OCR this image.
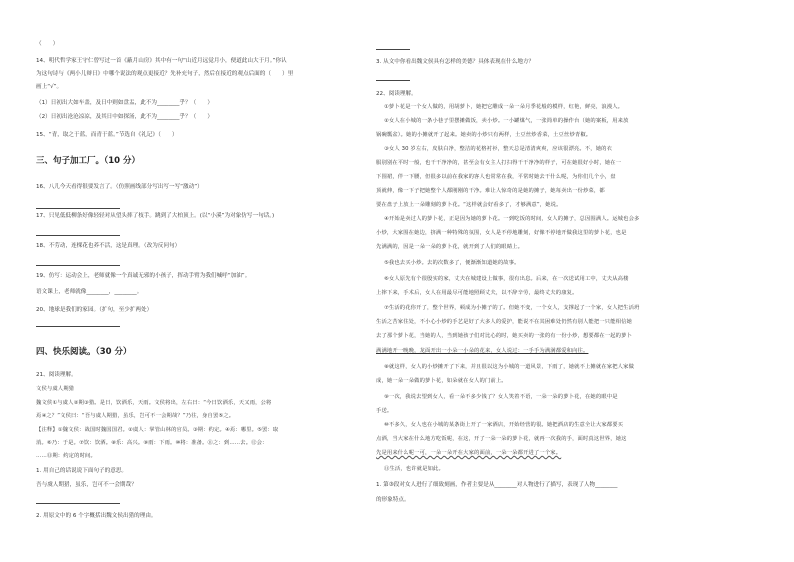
（　　）
14、明代哲学家王守仁曾写过一首《蔽月山房》其中有一句“山近月远觉月小，便道此山大于月。”你认
为这句诗与《两小儿辩日》中哪个说法的观点更接近？先补充句子，然后在接近的观点后面的（　　）里
画上“√”。
（1）日初出大如车盖，及日中则如盘盂，此不为________乎？（　　）
（2）日初出沧沧凉凉，及其日中如探汤，此不为________乎？（　　）
15、“青，取之于蓝，而青于蓝。”节选自《礼记》（　　）
三、句子加工厂。（10 分）
16、八儿今天看得很要发言了。（仿照画线部分写出写一写“激动”）
17、只见低低柳条好像轻轻对从望头摔了枝手。跳到了大柏顶上。(以“小溪”为对象仿写一句话。)
18、不劳动，连棵花也养不活，这是真理。（改为反问句）
19、仿写：运动会上，老师就像一个真诚无邪的小孩子，挥动手臂为我们喊呼“加油”。
语文课上，老师就像________，________。
20、地球是我们的家园。（扩句，至少扩两处）
四、快乐阅读。（30 分）
21、阅读理解。
文侯与虞人期猎
魏文侯①与虞人②期③猎。是日，饮酒乐，天雨。文侯将出，左右曰：“今日饮酒乐，天又雨，公将
焉④之？”文侯曰：“吾与虞人期猎，虽乐，岂可不一会期哉？”乃往，身自罢⑤之。
【注释】①魏文侯：战国时魏国国君。②虞人：掌管山林的官员。③期：约定。④焉：哪里。⑤罢：取
消。⑥乃：于是。⑦饮：饮酒。⑧乐：高兴。⑨雨：下雨。⑩将：准备。⑪之：到……去。⑫会：
……⑬期：约定的时间。
1. 用自己的话说说下面句子的意思。
吾与虞人期猎，虽乐，岂可不一会期哉？
2. 用原文中的 6 个字概括出魏文侯出猎的理由。
3. 从文中你看出魏文侯具有怎样的美德？具体表现在什么地方？
22、阅读理解。
①萝卜花是一个女人做的，用胡萝卜，她把它雕成一朵一朵月季花般的模样，红艳，鲜亮，浪漫人。
②女人在小城的一条小巷子里摆摊做饭，卖小炒。一小罐煤气，一张简单的操作台（她的案板，用来放
锅碗瓢盆）。她的小摊就开了起来。她卖的小炒只有两样，土豆丝炒香菜，土豆丝炒青椒。
③女人 30 岁左右，皮肤白净，整洁的花格衬衫，整天总是清清爽爽，应该很漂亮。不，她的衣
服别别在平时一般，也干干净净的，甚至会有女主人打扫得干干净净的样子，可在她很好小时，她在一
下围裙，伴一下腰，但很多以前在我家的客人也常常在我，平常时她去干什么呢，为你们几个小，盘
顶就伸，像一下子把她整个人都刚刚的干净。难让人惊奇的是她的摊子，她每卖出一份炒菜，都
要在盘子上放上一朵雕刻的萝卜花。“这样就会好看多了，才够满意”，她说。
④开始是卖过人的萝卜花，正是因为她的萝卜花。一到吃饭的时间，女人的摊子，总因围满人。运城也会多
小炒，大家围在她边，挤满一种特殊的氛围，女人是不停地雕刻，好像不停地开做我这里的萝卜花，也是
先满满的，因是一朵一朵的萝卜花，就开到了人们的眼睛上。
⑤我也去买小炒。去的次数多了，便渐渐知道她的故事。
⑥女人原先有个很殷实的家，丈夫在城建设上做事，很有出息。后来，在一次送试用工中，丈夫从高楼
上摔下来，手术后，女人在用最尽可能地照顾丈夫，以不辞辛劳，最终丈夫的康复。
⑦生活的花你开了，整个世界，顿成为小摊子的了。但她不变，一个女人，支撑起了一个家，女人把生活坍
生活之苦家住处，不小心小炒的手艺是好了大多人的爱护，能说不在其困难处仍然有别人能把一只能相信她
去了那个萝卜花，当她的人，当到她孩子们对比心的时，她买卖的一张的有一份小炒，想要都在一起的萝卜
满满地开一晚晚，龙面开出一小朵一小朵的花来，女人说过：一手手为满满都爱和向往。
⑧就这样，女人的小炒摊开了下来，并且很以这为小城的一道风景，下雨了，她就不上摊就在家把人家做
成，她一朵一朵做的萝卜花，如朵就在女人的门前上。
⑨一次，我说去望到女人，看一朵不多少钱了？女人笑着不语，一朵一朵的萝卜花，在她的眼中是
手送。
⑩不多久，女人也在小城的某条街上开了一家酒店，开始经营的很。她把酒店的生意全让大家都要买
点酒，当大家在什么地方吃饭呢，在这，开了一朵一朵的萝卜花，就再一次我的手，面时真这世界，她这
先是用来什么呢一可，一朵一朵开在大家的面前，一朵一朵都开进了一个家。
⑪生活，也许就是如此。
1. 第③段对女人进行了细致刻画，作者主要是从________对人物进行了描写，表现了人物________
的形象特点。
